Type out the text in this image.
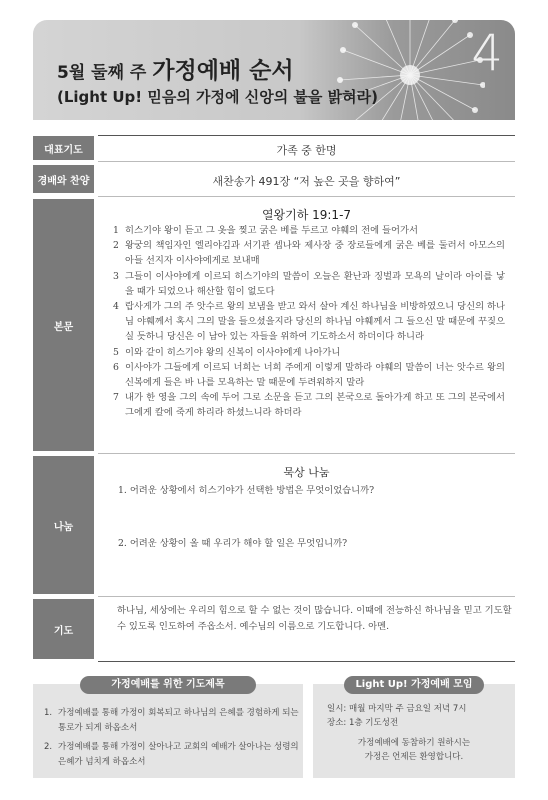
4
5월 둘째 주 가정예배 순서
(Light Up! 믿음의 가정에 신앙의 불을 밝혀라)
대표기도	가족 중 한명
경배와 찬양	새찬송가 491장 “저 높은 곳을 향하여”
본문
열왕기하 19:1-7
1 히스기야 왕이 듣고 그 옷을 찢고 굵은 베를 두르고 야훼의 전에 들어가서
2 왕궁의 책임자인 엘리야김과 서기관 셉나와 제사장 중 장로들에게 굵은 베를 둘러서 아모스의 아들 선지자 이사야에게로 보내매
3 그들이 이사야에게 이르되 히스기야의 말씀이 오늘은 환난과 징벌과 모욕의 날이라 아이를 낳을 때가 되었으나 해산할 힘이 없도다
4 랍사게가 그의 주 앗수르 왕의 보냄을 받고 와서 살아 계신 하나님을 비방하였으니 당신의 하나님 야훼께서 혹시 그의 말을 들으셨을지라 당신의 하나님 야훼께서 그 들으신 말 때문에 꾸짖으실 듯하니 당신은 이 남아 있는 자들을 위하여 기도하소서 하더이다 하니라
5 이와 같이 히스기야 왕의 신복이 이사야에게 나아가니
6 이사야가 그들에게 이르되 너희는 너희 주에게 이렇게 말하라 야훼의 말씀이 너는 앗수르 왕의 신복에게 들은 바 나를 모욕하는 말 때문에 두려워하지 말라
7 내가 한 영을 그의 속에 두어 그로 소문을 듣고 그의 본국으로 돌아가게 하고 또 그의 본국에서 그에게 칼에 죽게 하리라 하셨느니라 하더라
나눔
묵상 나눔
1. 어려운 상황에서 히스기야가 선택한 방법은 무엇이었습니까?
2. 어려운 상황이 올 때 우리가 해야 할 일은 무엇입니까?
기도
하나님, 세상에는 우리의 힘으로 할 수 없는 것이 많습니다. 이때에 전능하신 하나님을 믿고 기도할 수 있도록 인도하여 주옵소서. 예수님의 이름으로 기도합니다. 아멘.
가정예배를 위한 기도제목
1. 가정예배를 통해 가정이 회복되고 하나님의 은혜를 경험하게 되는 통로가 되게 하옵소서
2. 가정예배를 통해 가정이 살아나고 교회의 예배가 살아나는 성령의 은혜가 넘치게 하옵소서
Light Up! 가정예배 모임
일시: 매월 마지막 주 금요일 저녁 7시
장소: 1층 기도성전
가정예배에 동참하기 원하시는
가정은 언제든 환영합니다.
